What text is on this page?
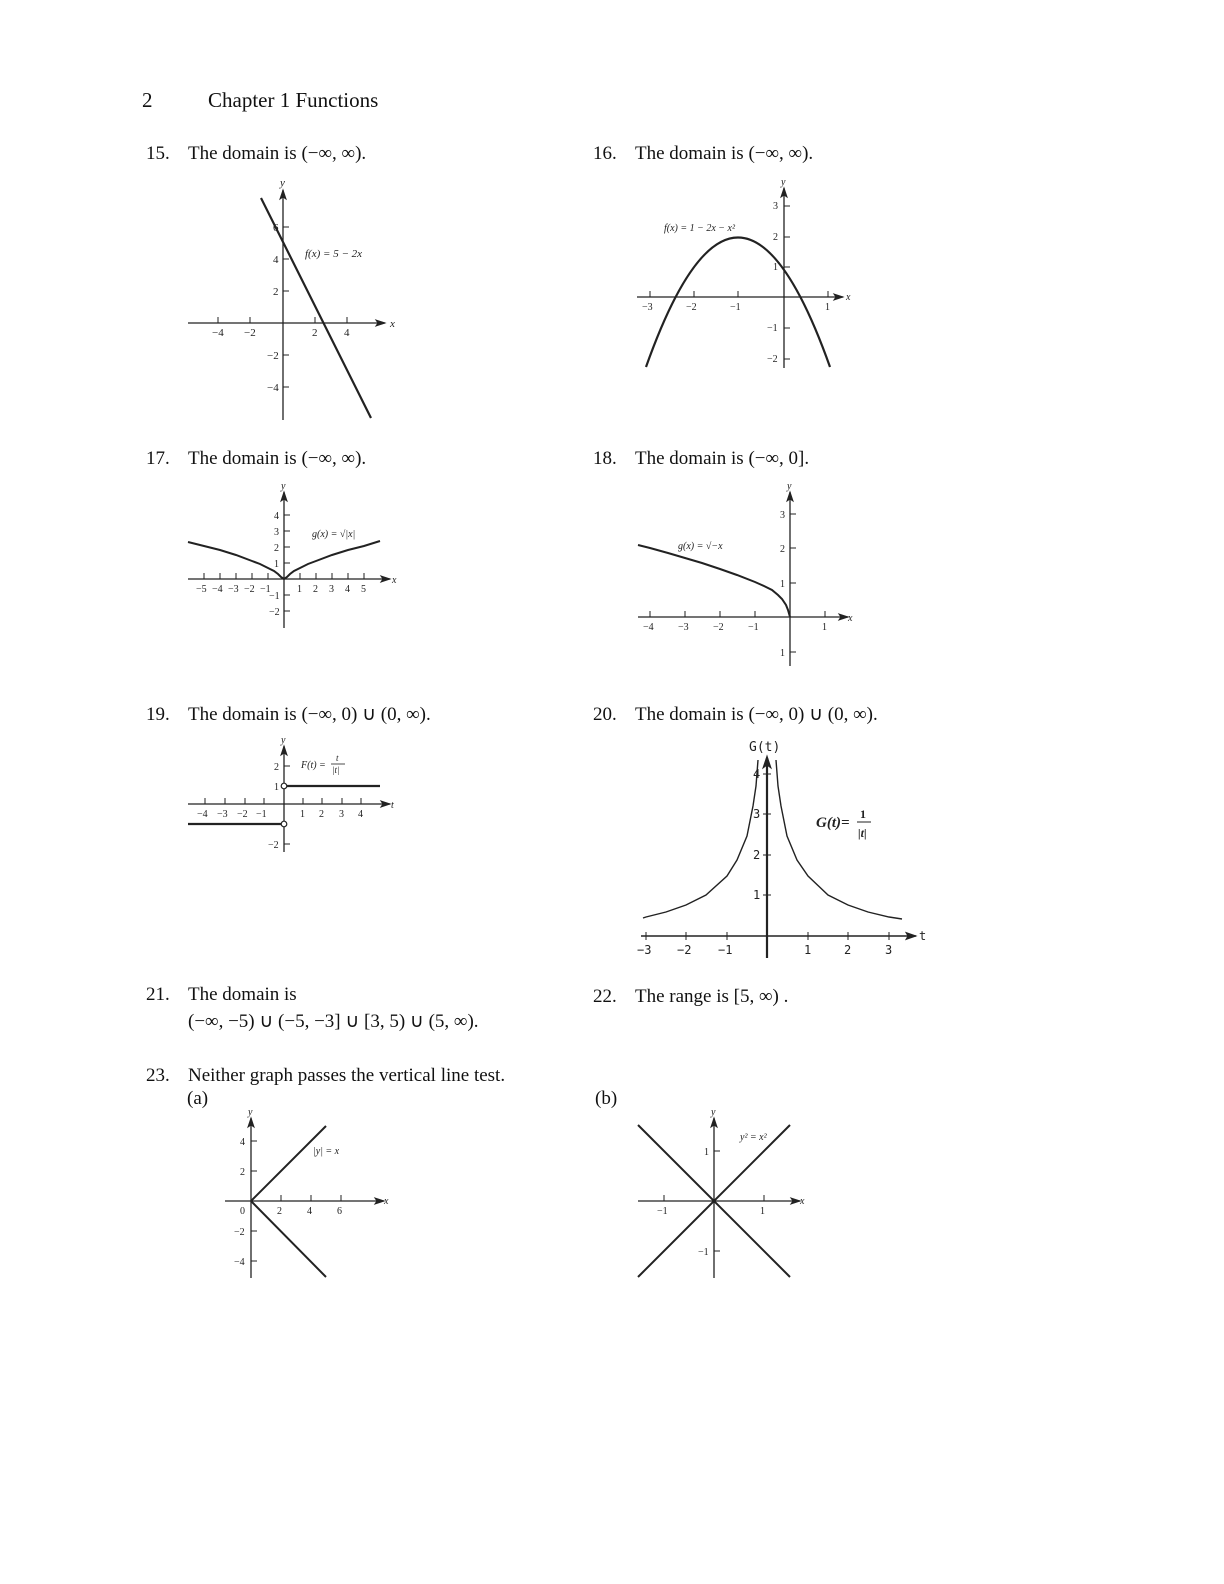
2	Chapter 1 Functions
15. The domain is (−∞, ∞).	16. The domain is (−∞, ∞).
17. The domain is (−∞, ∞).	18. The domain is (−∞, 0].
19. The domain is (−∞, 0) ∪ (0, ∞).	20. The domain is (−∞, 0) ∪ (0, ∞).
21. The domain is
(−∞, −5) ∪ (−5, −3] ∪ [3, 5) ∪ (5, ∞).
22. The range is [5, ∞) .
23. Neither graph passes the vertical line test.
(a)	(b)
x
y
−4 −2	2 4
6
4
2
−2
−4
f(x) = 5 − 2x
x
y
−3	−2	−1	1
3
2
1
−1
−2
f(x) = 1 − 2x − x²
x
y
−5 −4 −3 −2 −1	1 2 3 4 5
4
3
2
1
−1
−2
g(x) = √|x|
x
y
−4 −3 −2 −1	1
3
2
1
1
g(x) = √−x
t
y
−4 −3 −2 −1	1 2 3 4
2
1
−2
F(t) =
t
|t|
t
G(t)
−3 −2 −1	1	2	3
4
3
2
1
G(t)=
1
|t|
x
y
2	4	6
4
2
0
−2
−4
|y| = x
x
y
−1	1
1
−1
y² = x²
